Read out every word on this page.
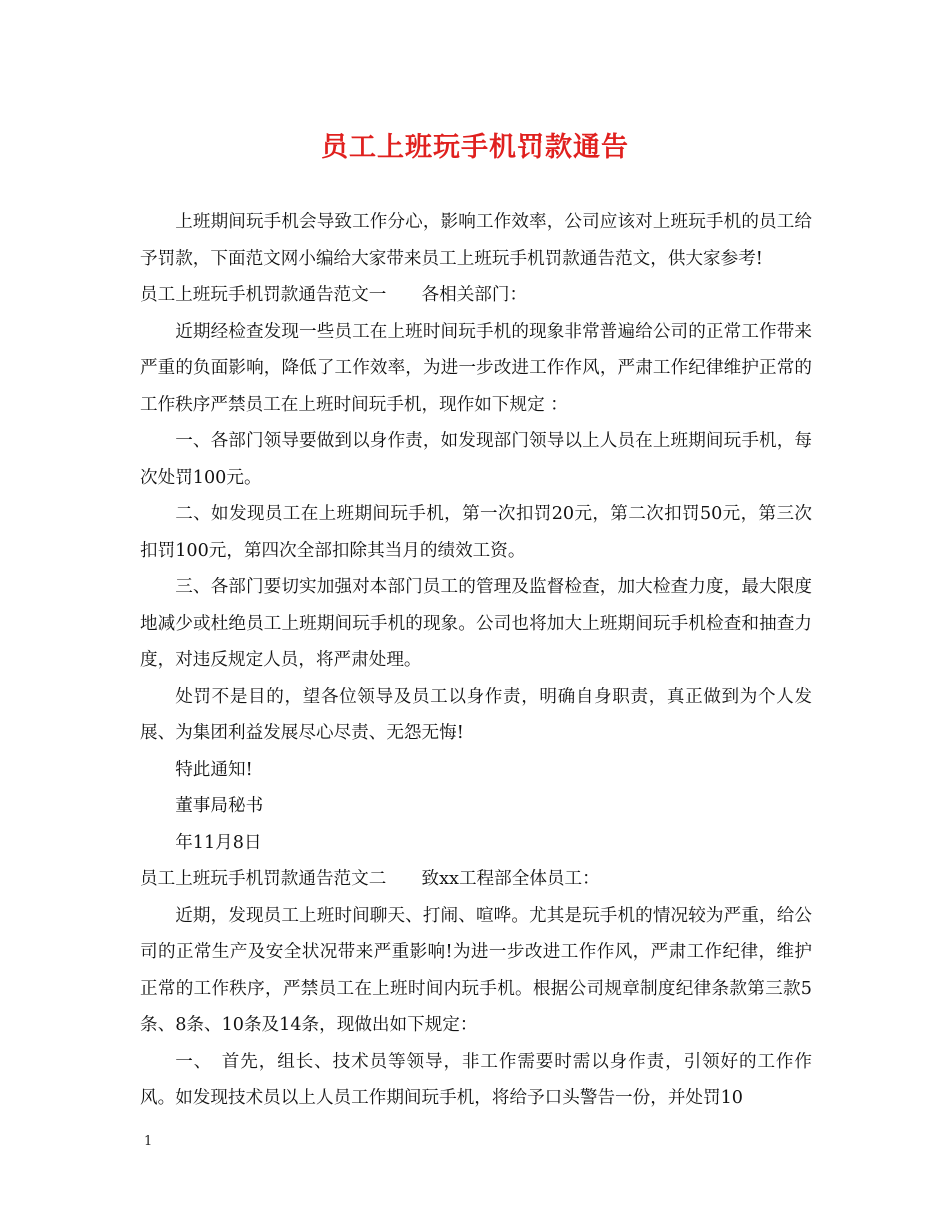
员工上班玩手机罚款通告

上班期间玩手机会导致工作分心，影响工作效率，公司应该对上班玩手机的员工给予罚款，下面范文网小编给大家带来员工上班玩手机罚款通告范文，供大家参考!

员工上班玩手机罚款通告范文一　　各相关部门：

近期经检查发现一些员工在上班时间玩手机的现象非常普遍给公司的正常工作带来严重的负面影响，降低了工作效率，为进一步改进工作作风，严肃工作纪律维护正常的工作秩序严禁员工在上班时间玩手机，现作如下规定 ：

一、各部门领导要做到以身作责，如发现部门领导以上人员在上班期间玩手机，每次处罚100元。

二、如发现员工在上班期间玩手机，第一次扣罚20元，第二次扣罚50元，第三次扣罚100元，第四次全部扣除其当月的绩效工资。

三、各部门要切实加强对本部门员工的管理及监督检查，加大检查力度，最大限度地减少或杜绝员工上班期间玩手机的现象。公司也将加大上班期间玩手机检查和抽查力度，对违反规定人员，将严肃处理。

处罚不是目的，望各位领导及员工以身作责，明确自身职责，真正做到为个人发展、为集团利益发展尽心尽责、无怨无悔!

特此通知!

董事局秘书

年11月8日

员工上班玩手机罚款通告范文二　　致xx工程部全体员工：

近期，发现员工上班时间聊天、打闹、喧哗。尤其是玩手机的情况较为严重，给公司的正常生产及安全状况带来严重影响!为进一步改进工作作风，严肃工作纪律，维护正常的工作秩序，严禁员工在上班时间内玩手机。根据公司规章制度纪律条款第三款5条、8条、10条及14条，现做出如下规定：

一、　首先，组长、技术员等领导，非工作需要时需以身作责，引领好的工作作风。如发现技术员以上人员工作期间玩手机，将给予口头警告一份，并处罚10

1
